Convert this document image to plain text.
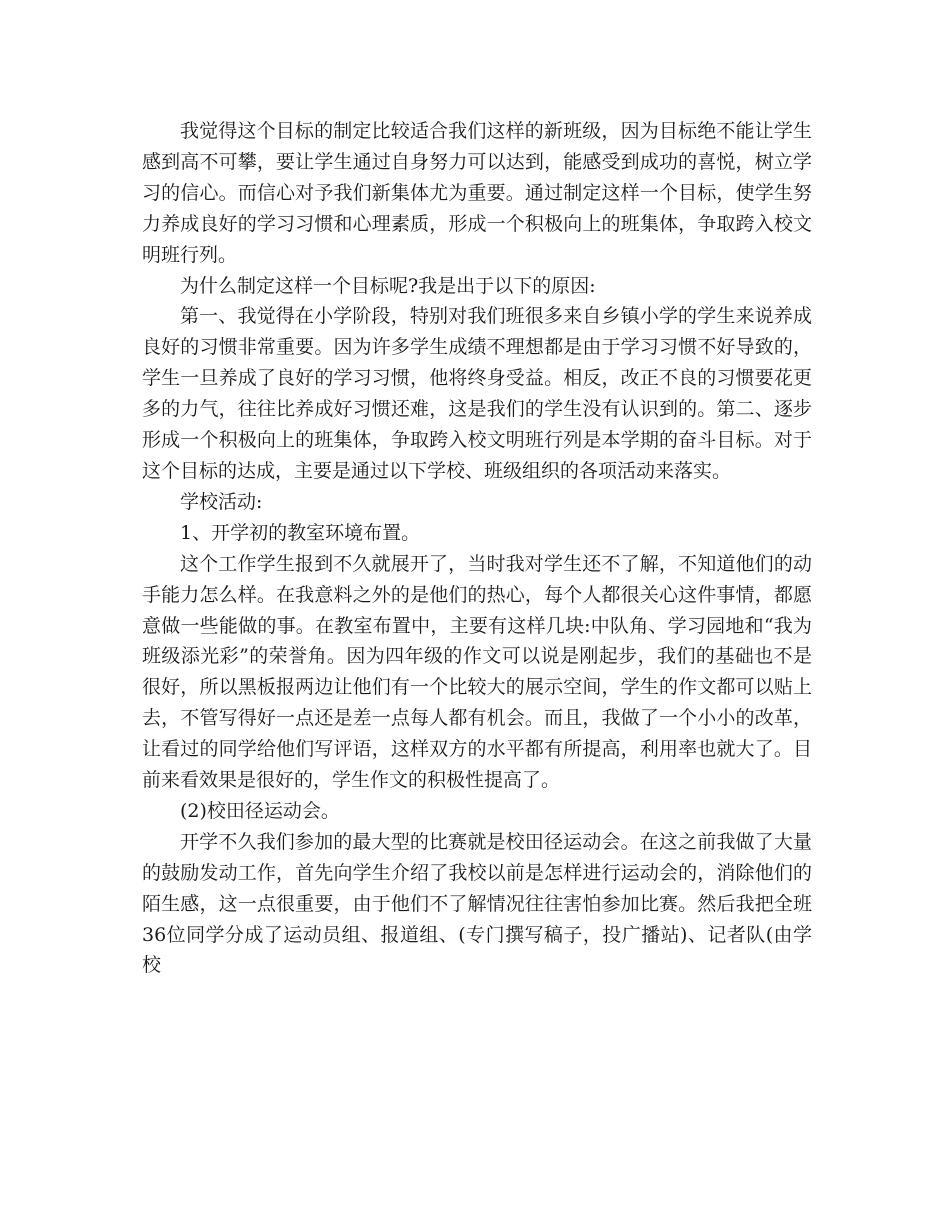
我觉得这个目标的制定比较适合我们这样的新班级，因为目标绝不能让学生感到高不可攀，要让学生通过自身努力可以达到，能感受到成功的喜悦，树立学习的信心。而信心对予我们新集体尤为重要。通过制定这样一个目标，使学生努力养成良好的学习习惯和心理素质，形成一个积极向上的班集体，争取跨入校文明班行列。

为什么制定这样一个目标呢?我是出于以下的原因:

第一、我觉得在小学阶段，特别对我们班很多来自乡镇小学的学生来说养成良好的习惯非常重要。因为许多学生成绩不理想都是由于学习习惯不好导致的，学生一旦养成了良好的学习习惯，他将终身受益。相反，改正不良的习惯要花更多的力气，往往比养成好习惯还难，这是我们的学生没有认识到的。第二、逐步形成一个积极向上的班集体，争取跨入校文明班行列是本学期的奋斗目标。对于这个目标的达成，主要是通过以下学校、班级组织的各项活动来落实。

学校活动:

1、开学初的教室环境布置。

这个工作学生报到不久就展开了，当时我对学生还不了解，不知道他们的动手能力怎么样。在我意料之外的是他们的热心，每个人都很关心这件事情，都愿意做一些能做的事。在教室布置中，主要有这样几块:中队角、学习园地和“我为班级添光彩”的荣誉角。因为四年级的作文可以说是刚起步，我们的基础也不是很好，所以黑板报两边让他们有一个比较大的展示空间，学生的作文都可以贴上去，不管写得好一点还是差一点每人都有机会。而且，我做了一个小小的改革，让看过的同学给他们写评语，这样双方的水平都有所提高，利用率也就大了。目前来看效果是很好的，学生作文的积极性提高了。

(2)校田径运动会。

开学不久我们参加的最大型的比赛就是校田径运动会。在这之前我做了大量的鼓励发动工作，首先向学生介绍了我校以前是怎样进行运动会的，消除他们的陌生感，这一点很重要，由于他们不了解情况往往害怕参加比赛。然后我把全班36位同学分成了运动员组、报道组、(专门撰写稿子，投广播站)、记者队(由学校
